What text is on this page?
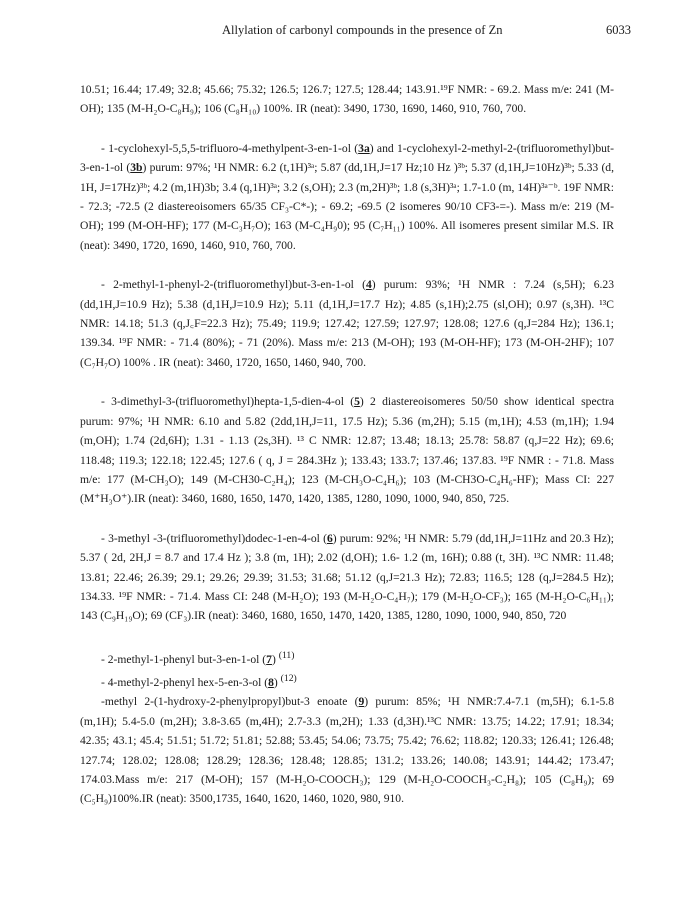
Allylation of carbonyl compounds in the presence of Zn	6033

10.51; 16.44; 17.49; 32.8; 45.66; 75.32; 126.5; 126.7; 127.5; 128.44; 143.91.¹⁹F NMR: - 69.2. Mass m/e: 241 (M-OH); 135 (M-H₂O-C₈H₉); 106 (C₈H₁₀) 100%. IR (neat): 3490, 1730, 1690, 1460, 910, 760, 700.

- 1-cyclohexyl-5,5,5-trifluoro-4-methylpent-3-en-1-ol (3a) and 1-cyclohexyl-2-methyl-2-(trifluoromethyl)but-3-en-1-ol (3b) purum: 97%; ¹H NMR: 6.2 (t,1H)³ᵃ; 5.87 (dd,1H,J=17 Hz;10 Hz )³ᵇ; 5.37 (d,1H,J=10Hz)³ᵇ; 5.33 (d, 1H, J=17Hz)³ᵇ; 4.2 (m,1H)3b; 3.4 (q,1H)³ᵃ; 3.2 (s,OH); 2.3 (m,2H)³ᵇ; 1.8 (s,3H)³ᵃ; 1.7-1.0 (m, 14H)³ᵃ⁻ᵇ. 19F NMR: - 72.3; -72.5 (2 diastereoisomers 65/35 CF₃-C*-); - 69.2; -69.5 (2 isomeres 90/10 CF3-=-). Mass m/e: 219 (M-OH); 199 (M-OH-HF); 177 (M-C₃H₇O); 163 (M-C₄H₉0); 95 (C₇H₁₁) 100%. All isomeres present similar M.S. IR (neat): 3490, 1720, 1690, 1460, 910, 760, 700.

- 2-methyl-1-phenyl-2-(trifluoromethyl)but-3-en-1-ol (4) purum: 93%; ¹H NMR : 7.24 (s,5H); 6.23 (dd,1H,J=10.9 Hz); 5.38 (d,1H,J=10.9 Hz); 5.11 (d,1H,J=17.7 Hz); 4.85 (s,1H);2.75 (sl,OH); 0.97 (s,3H). ¹³C NMR: 14.18; 51.3 (q,J꜀F=22.3 Hz); 75.49; 119.9; 127.42; 127.59; 127.97; 128.08; 127.6 (q,J=284 Hz); 136.1; 139.34. ¹⁹F NMR: - 71.4 (80%); - 71 (20%). Mass m/e: 213 (M-OH); 193 (M-OH-HF); 173 (M-OH-2HF); 107 (C₇H₇O) 100% . IR (neat): 3460, 1720, 1650, 1460, 940, 700.

- 3-dimethyl-3-(trifluoromethyl)hepta-1,5-dien-4-ol (5) 2 diastereoisomeres 50/50 show identical spectra purum: 97%; ¹H NMR: 6.10 and 5.82 (2dd,1H,J=11, 17.5 Hz); 5.36 (m,2H); 5.15 (m,1H); 4.53 (m,1H); 1.94 (m,OH); 1.74 (2d,6H); 1.31 - 1.13 (2s,3H). ¹³ C NMR: 12.87; 13.48; 18.13; 25.78: 58.87 (q,J=22 Hz); 69.6; 118.48; 119.3; 122.18; 122.45; 127.6 ( q, J = 284.3Hz ); 133.43; 133.7; 137.46; 137.83. ¹⁹F NMR : - 71.8. Mass m/e: 177 (M-CH₃O); 149 (M-CH30-C₂H₄); 123 (M-CH₃O-C₄H₆); 103 (M-CH3O-C₄H₆-HF); Mass CI: 227 (M⁺H₃O⁺).IR (neat): 3460, 1680, 1650, 1470, 1420, 1385, 1280, 1090, 1000, 940, 850, 725.

- 3-methyl -3-(trifluoromethyl)dodec-1-en-4-ol (6) purum: 92%; ¹H NMR: 5.79 (dd,1H,J=11Hz and 20.3 Hz); 5.37 ( 2d, 2H,J = 8.7 and 17.4 Hz ); 3.8 (m, 1H); 2.02 (d,OH); 1.6- 1.2 (m, 16H); 0.88 (t, 3H). ¹³C NMR: 11.48; 13.81; 22.46; 26.39; 29.1; 29.26; 29.39; 31.53; 31.68; 51.12 (q,J=21.3 Hz); 72.83; 116.5; 128 (q,J=284.5 Hz); 134.33. ¹⁹F NMR: - 71.4. Mass CI: 248 (M-H₂O); 193 (M-H₂O-C₄H₇); 179 (M-H₂O-CF₃); 165 (M-H₂O-C₆H₁₁); 143 (C₉H₁₉O); 69 (CF₃).IR (neat): 3460, 1680, 1650, 1470, 1420, 1385, 1280, 1090, 1000, 940, 850, 720

- 2-methyl-1-phenyl but-3-en-1-ol (7) $^{(11)}$

- 4-methyl-2-phenyl hex-5-en-3-ol (8) $^{(12)}$

-methyl 2-(1-hydroxy-2-phenylpropyl)but-3 enoate (9) purum: 85%; ¹H NMR:7.4-7.1 (m,5H); 6.1-5.8 (m,1H); 5.4-5.0 (m,2H); 3.8-3.65 (m,4H); 2.7-3.3 (m,2H); 1.33 (d,3H).¹³C NMR: 13.75; 14.22; 17.91; 18.34; 42.35; 43.1; 45.4; 51.51; 51.72; 51.81; 52.88; 53.45; 54.06; 73.75; 75.42; 76.62; 118.82; 120.33; 126.41; 126.48; 127.74; 128.02; 128.08; 128.29; 128.36; 128.48; 128.85; 131.2; 133.26; 140.08; 143.91; 144.42; 173.47; 174.03.Mass m/e: 217 (M-OH); 157 (M-H₂O-COOCH₃); 129 (M-H₂O-COOCH₃-C₂H₈); 105 (C₈H₉); 69 (C₅H₉)100%.IR (neat): 3500,1735, 1640, 1620, 1460, 1020, 980, 910.
